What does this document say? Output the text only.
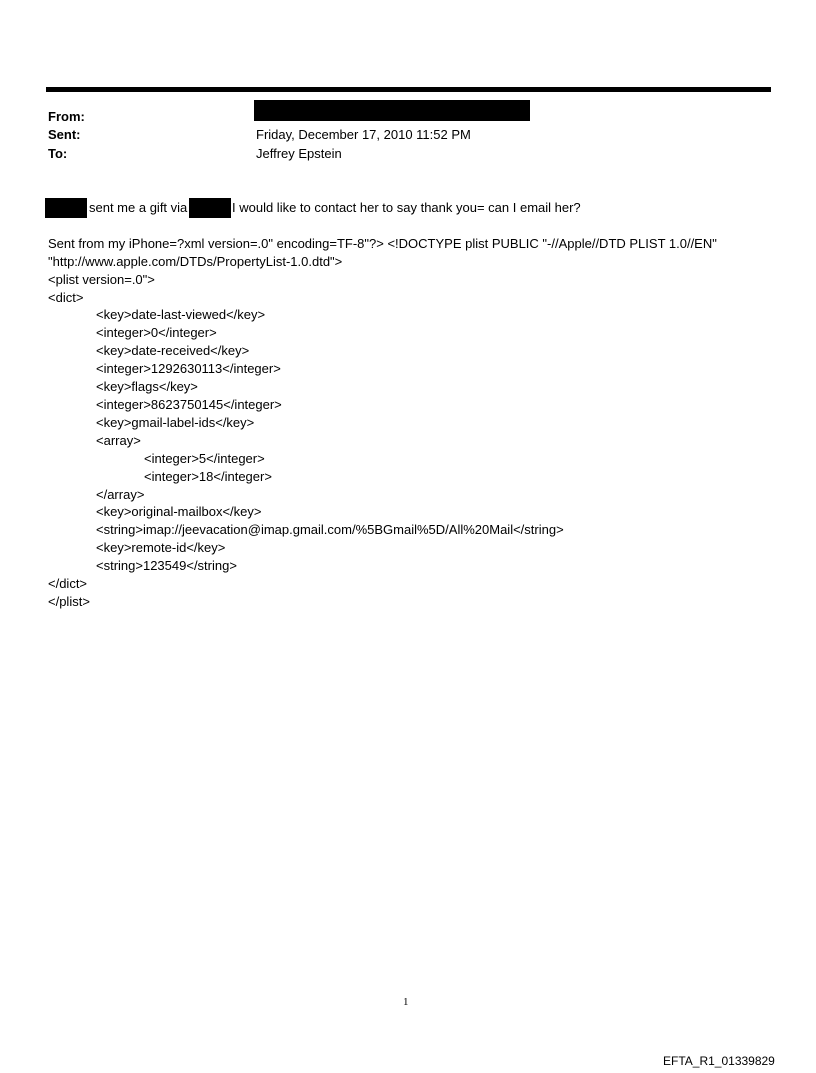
From:
Sent:	Friday, December 17, 2010 11:52 PM
To:	Jeffrey Epstein
sent me a gift via	I would like to contact her to say thank you= can I email her?
Sent from my iPhone=?xml version=.0" encoding=TF-8"?> <!DOCTYPE plist PUBLIC "-//Apple//DTD PLIST 1.0//EN"
"http://www.apple.com/DTDs/PropertyList-1.0.dtd">
<plist version=.0">
<dict>
<key>date-last-viewed</key>
<integer>0</integer>
<key>date-received</key>
<integer>1292630113</integer>
<key>flags</key>
<integer>8623750145</integer>
<key>gmail-label-ids</key>
<array>
<integer>5</integer>
<integer>18</integer>
</array>
<key>original-mailbox</key>
<string>imap://jeevacation@imap.gmail.com/%5BGmail%5D/All%20Mail</string>
<key>remote-id</key>
<string>123549</string>
</dict>
</plist>
1
EFTA_R1_01339829
